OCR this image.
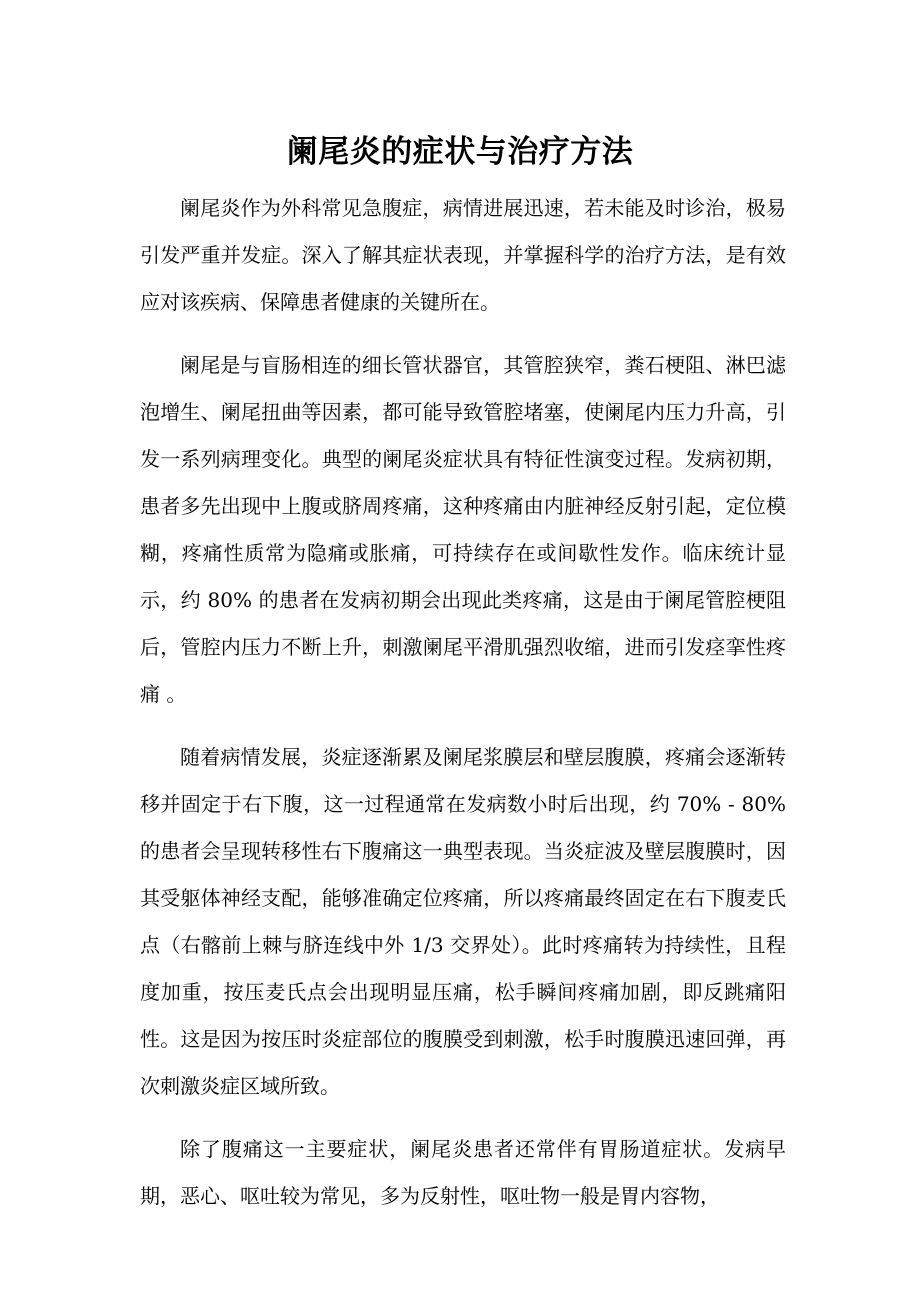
阑尾炎的症状与治疗方法

阑尾炎作为外科常见急腹症，病情进展迅速，若未能及时诊治，极易引发严重并发症。深入了解其症状表现，并掌握科学的治疗方法，是有效应对该疾病、保障患者健康的关键所在。

阑尾是与盲肠相连的细长管状器官，其管腔狭窄，粪石梗阻、淋巴滤泡增生、阑尾扭曲等因素，都可能导致管腔堵塞，使阑尾内压力升高，引发一系列病理变化。典型的阑尾炎症状具有特征性演变过程。发病初期，患者多先出现中上腹或脐周疼痛，这种疼痛由内脏神经反射引起，定位模糊，疼痛性质常为隐痛或胀痛，可持续存在或间歇性发作。临床统计显示，约 80% 的患者在发病初期会出现此类疼痛，这是由于阑尾管腔梗阻后，管腔内压力不断上升，刺激阑尾平滑肌强烈收缩，进而引发痉挛性疼痛 。

随着病情发展，炎症逐渐累及阑尾浆膜层和壁层腹膜，疼痛会逐渐转移并固定于右下腹，这一过程通常在发病数小时后出现，约 70% - 80% 的患者会呈现转移性右下腹痛这一典型表现。当炎症波及壁层腹膜时，因其受躯体神经支配，能够准确定位疼痛，所以疼痛最终固定在右下腹麦氏点（右髂前上棘与脐连线中外 1/3 交界处）。此时疼痛转为持续性，且程度加重，按压麦氏点会出现明显压痛，松手瞬间疼痛加剧，即反跳痛阳性。这是因为按压时炎症部位的腹膜受到刺激，松手时腹膜迅速回弹，再次刺激炎症区域所致。

除了腹痛这一主要症状，阑尾炎患者还常伴有胃肠道症状。发病早期，恶心、呕吐较为常见，多为反射性，呕吐物一般是胃内容物，
